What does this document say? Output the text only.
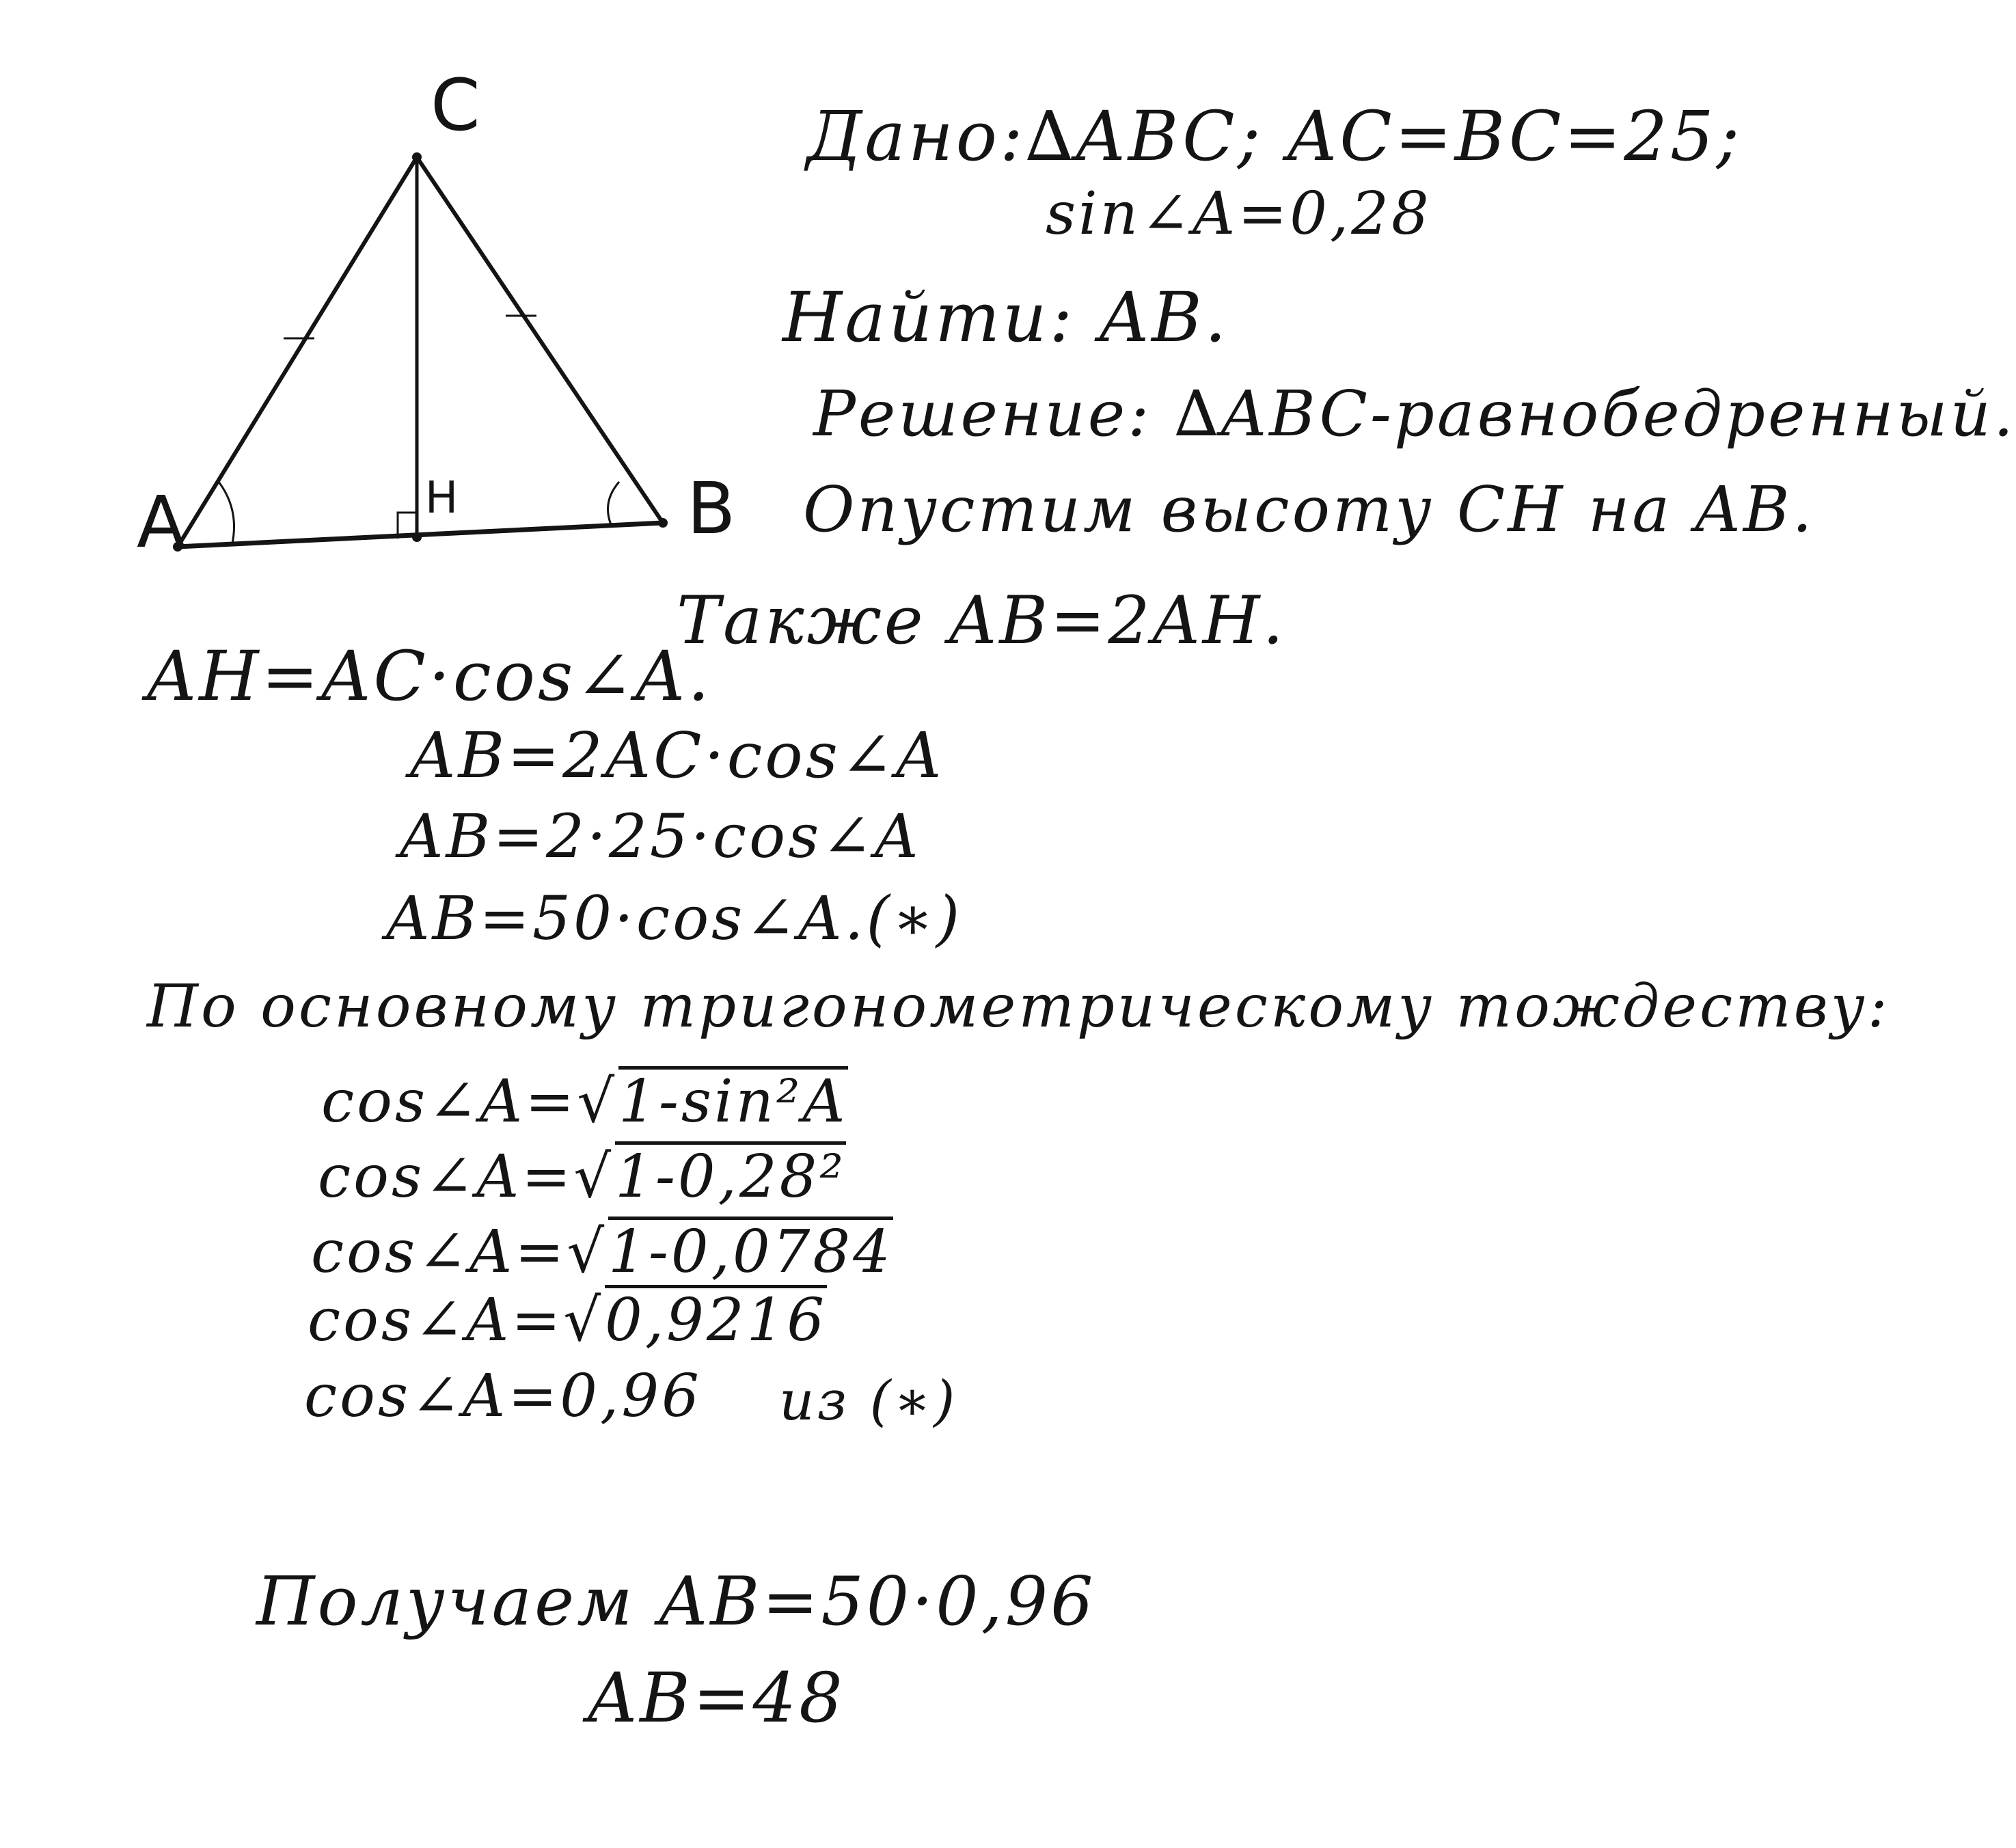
C
A	B
H
Дано:∆ABC; AC=BC=25;
sin∠A=0,28
Найти: AB.
Решение: ∆ABC-равнобедренный.
Опустим высоту CH на AB.
Также AB=2AH.
AH=AC·cos∠A.
AB=2AC·cos∠A
AB=2·25·cos∠A
AB=50·cos∠A.(∗)
По основному тригонометрическому тождеству:
cos∠A=√1-sin²A
cos∠A=√1-0,28²
cos∠A=√1-0,0784
cos∠A=√0,9216
cos∠A=0,96 из (∗)
Получаем AB=50·0,96
AB=48
